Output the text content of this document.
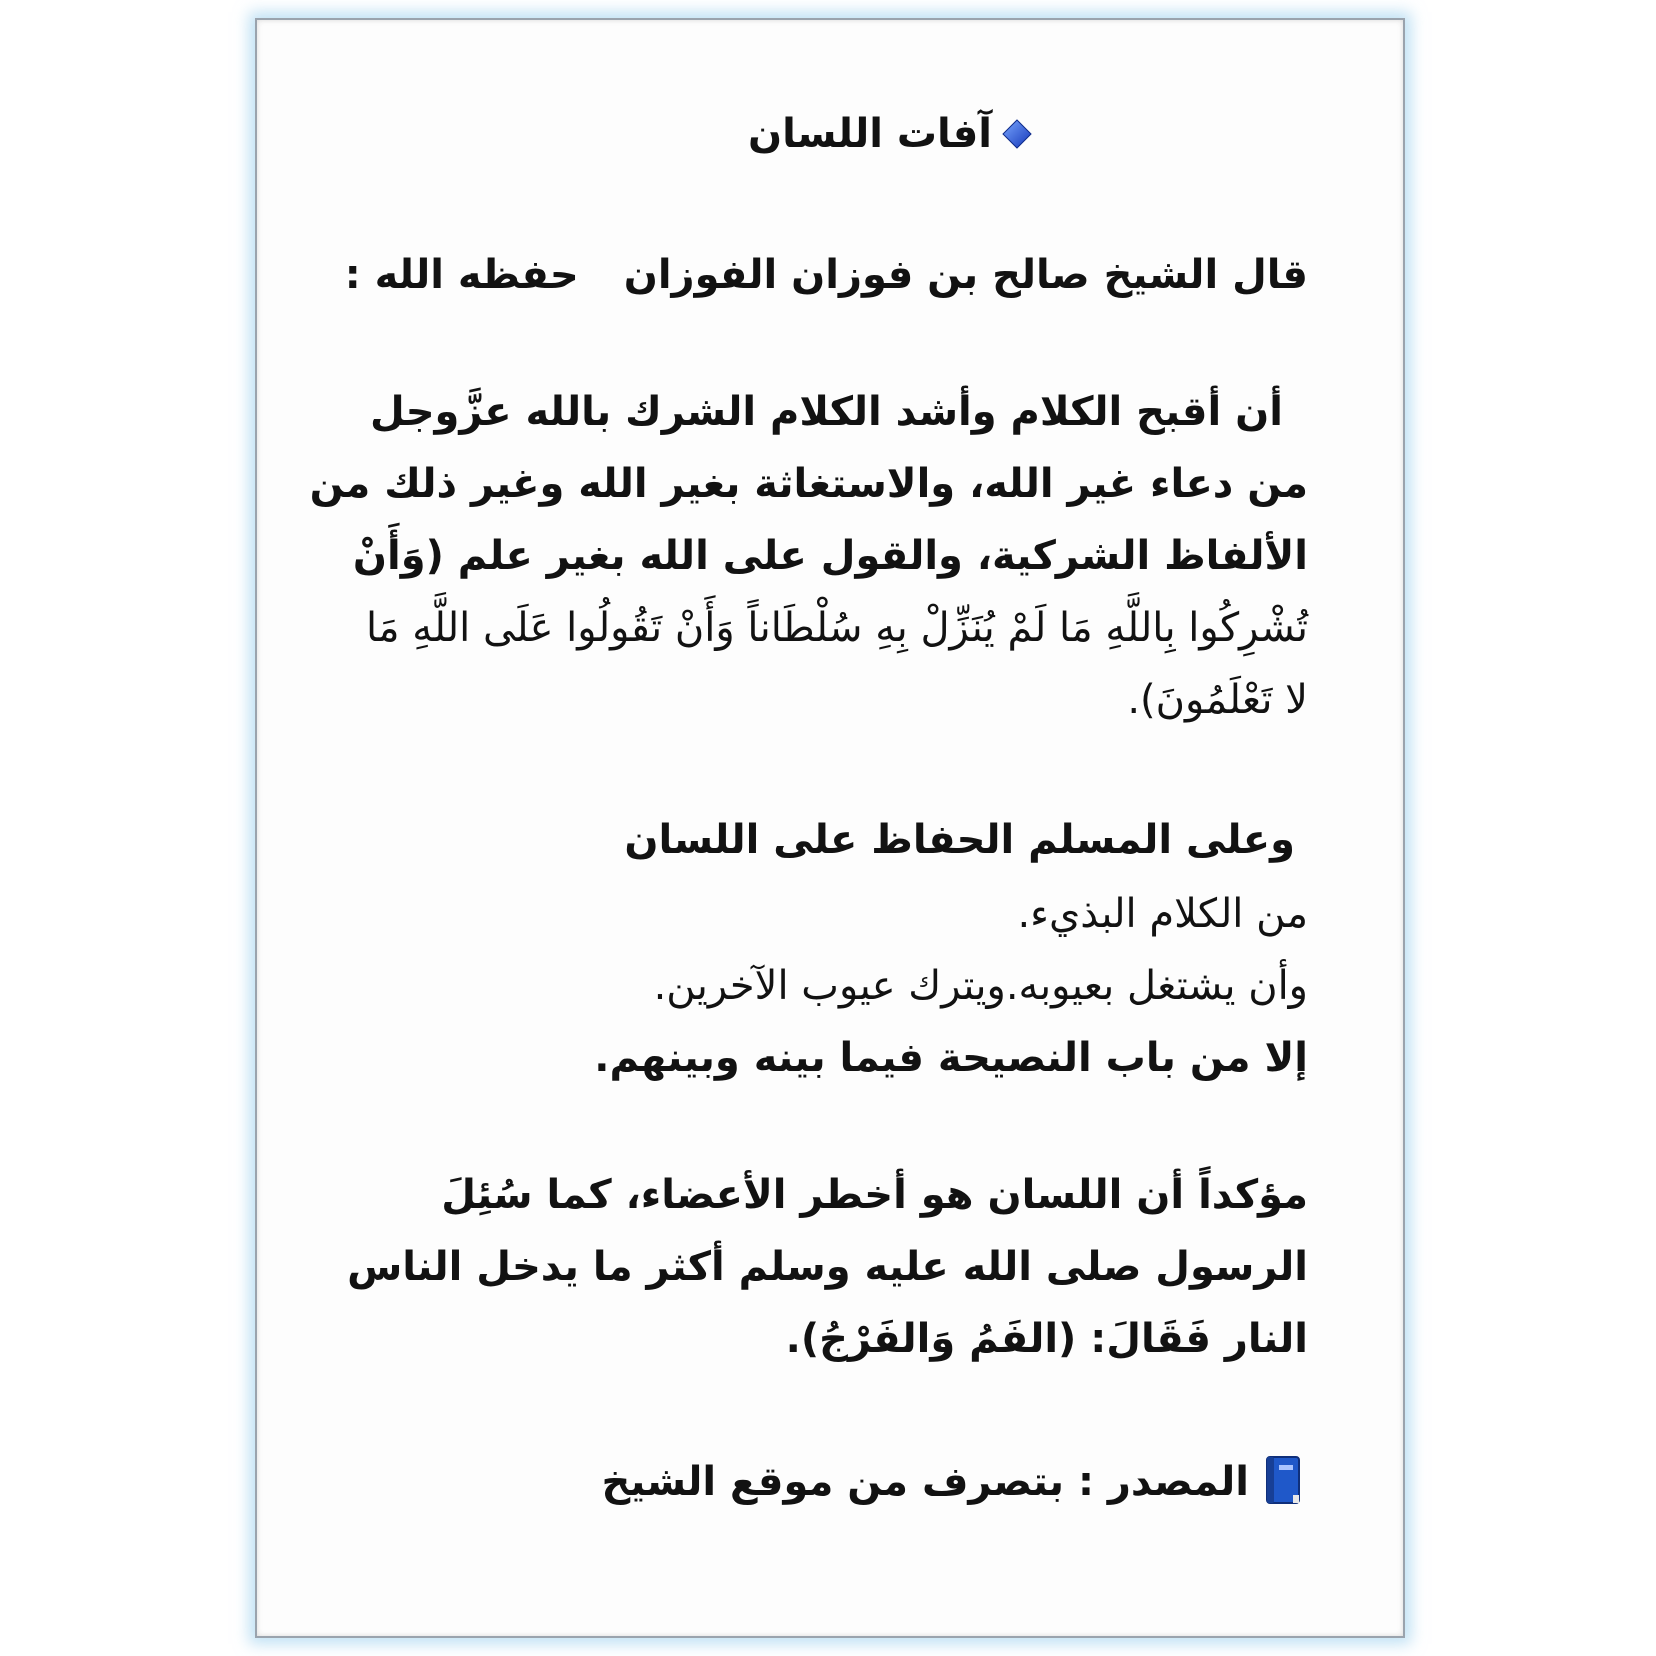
آفات اللسان
قال الشيخ صالح بن فوزان الفوزانحفظه الله :
أن أقبح الكلام وأشد الكلام الشرك بالله عزَّوجل
من دعاء غير الله، والاستغاثة بغير الله وغير ذلك من
الألفاظ الشركية، والقول على الله بغير علم (وَأَنْ
تُشْرِكُوا بِاللَّهِ مَا لَمْ يُنَزِّلْ بِهِ سُلْطَاناً وَأَنْ تَقُولُوا عَلَى اللَّهِ مَا
لا تَعْلَمُونَ).
وعلى المسلم الحفاظ على اللسان
من الكلام البذيء.
وأن يشتغل بعيوبه.ويترك عيوب الآخرين.
إلا من باب النصيحة فيما بينه وبينهم.
مؤكداً أن اللسان هو أخطر الأعضاء، كما سُئِلَ
الرسول صلى الله عليه وسلم أكثر ما يدخل الناس
النار فَقَالَ: (الفَمُ وَالفَرْجُ).
المصدر : بتصرف من موقع الشيخ
